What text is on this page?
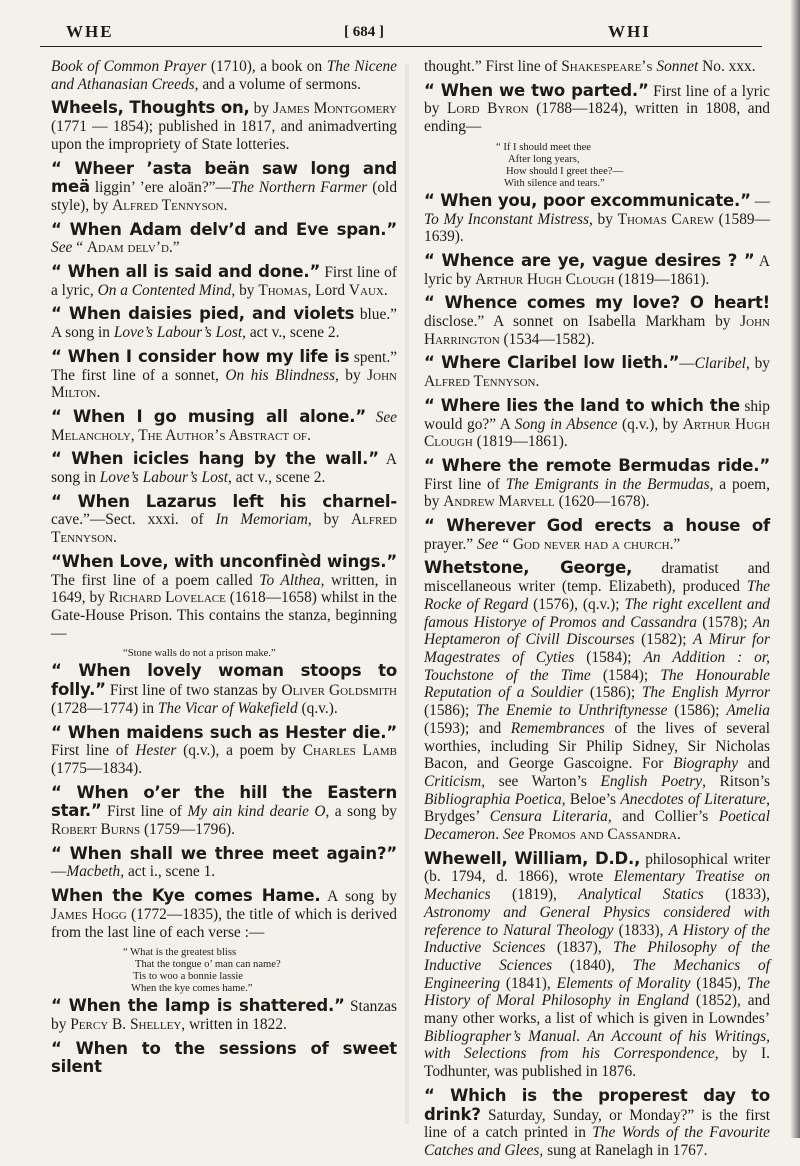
WHE	[ 684 ]	WHI
Book of Common Prayer (1710), a book on The Nicene and Athanasian Creeds, and a volume of sermons.
Wheels, Thoughts on, by James Montgomery (1771 — 1854); published in 1817, and animadverting upon the impropriety of State lotteries.
“ Wheer ’asta beän saw long and meä liggin’ ’ere aloän?”—The Northern Farmer (old style), by Alfred Tennyson.
“ When Adam delv’d and Eve span.” See “ Adam delv’d.”
“ When all is said and done.” First line of a lyric, On a Contented Mind, by Thomas, Lord Vaux.
“ When daisies pied, and violets blue.” A song in Love’s Labour’s Lost, act v., scene 2.
“ When I consider how my life is spent.” The first line of a sonnet, On his Blindness, by John Milton.
“ When I go musing all alone.” See Melancholy, The Author’s Abstract of.
“ When icicles hang by the wall.” A song in Love’s Labour’s Lost, act v., scene 2.
“ When Lazarus left his charnel- cave.”—Sect. xxxi. of In Memoriam, by Alfred Tennyson.
“When Love, with unconfinèd wings.” The first line of a poem called To Althea, written, in 1649, by Richard Lovelace (1618—1658) whilst in the Gate-House Prison. This contains the stanza, beginning—
“Stone walls do not a prison make.”
“ When lovely woman stoops to folly.” First line of two stanzas by Oliver Goldsmith (1728—1774) in The Vicar of Wakefield (q.v.).
“ When maidens such as Hester die.” First line of Hester (q.v.), a poem by Charles Lamb (1775—1834).
“ When o’er the hill the Eastern star.” First line of My ain kind dearie O, a song by Robert Burns (1759—1796).
“ When shall we three meet again?” —Macbeth, act i., scene 1.
When the Kye comes Hame. A song by James Hogg (1772—1835), the title of which is derived from the last line of each verse :—
“ What is the greatest bliss
That the tongue o’ man can name?
Tis to woo a bonnie lassie
When the kye comes hame.”
“ When the lamp is shattered.” Stanzas by Percy B. Shelley, written in 1822.
“ When to the sessions of sweet silent
thought.” First line of Shakespeare’s Sonnet No. xxx.
“ When we two parted.” First line of a lyric by Lord Byron (1788—1824), written in 1808, and ending—
“ If I should meet thee
After long years,
How should I greet thee?—
With silence and tears.”
“ When you, poor excommunicate.” —To My Inconstant Mistress, by Thomas Carew (1589—1639).
“ Whence are ye, vague desires ? ” A lyric by Arthur Hugh Clough (1819—1861).
“ Whence comes my love? O heart! disclose.” A sonnet on Isabella Markham by John Harrington (1534—1582).
“ Where Claribel low lieth.”—Claribel, by Alfred Tennyson.
“ Where lies the land to which the ship would go?” A Song in Absence (q.v.), by Arthur Hugh Clough (1819—1861).
“ Where the remote Bermudas ride.” First line of The Emigrants in the Bermudas, a poem, by Andrew Marvell (1620—1678).
“ Wherever God erects a house of prayer.” See “ God never had a church.”
Whetstone, George, dramatist and miscellaneous writer (temp. Elizabeth), produced The Rocke of Regard (1576), (q.v.); The right excellent and famous Historye of Promos and Cassandra (1578); An Heptameron of Civill Discourses (1582); A Mirur for Magestrates of Cyties (1584); An Addition : or, Touchstone of the Time (1584); The Honourable Reputation of a Souldier (1586); The English Myrror (1586); The Enemie to Unthriftynesse (1586); Amelia (1593); and Remembrances of the lives of several worthies, including Sir Philip Sidney, Sir Nicholas Bacon, and George Gascoigne. For Biography and Criticism, see Warton’s English Poetry, Ritson’s Bibliographia Poetica, Beloe’s Anecdotes of Literature, Brydges’ Censura Literaria, and Collier’s Poetical Decameron. See Promos and Cassandra.
Whewell, William, D.D., philosophical writer (b. 1794, d. 1866), wrote Elementary Treatise on Mechanics (1819), Analytical Statics (1833), Astronomy and General Physics considered with reference to Natural Theology (1833), A History of the Inductive Sciences (1837), The Philosophy of the Inductive Sciences (1840), The Mechanics of Engineering (1841), Elements of Morality (1845), The History of Moral Philosophy in England (1852), and many other works, a list of which is given in Lowndes’ Bibliographer’s Manual. An Account of his Writings, with Selections from his Correspondence, by I. Todhunter, was published in 1876.
“ Which is the properest day to drink? Saturday, Sunday, or Monday?” is the first line of a catch printed in The Words of the Favourite Catches and Glees, sung at Ranelagh in 1767.
